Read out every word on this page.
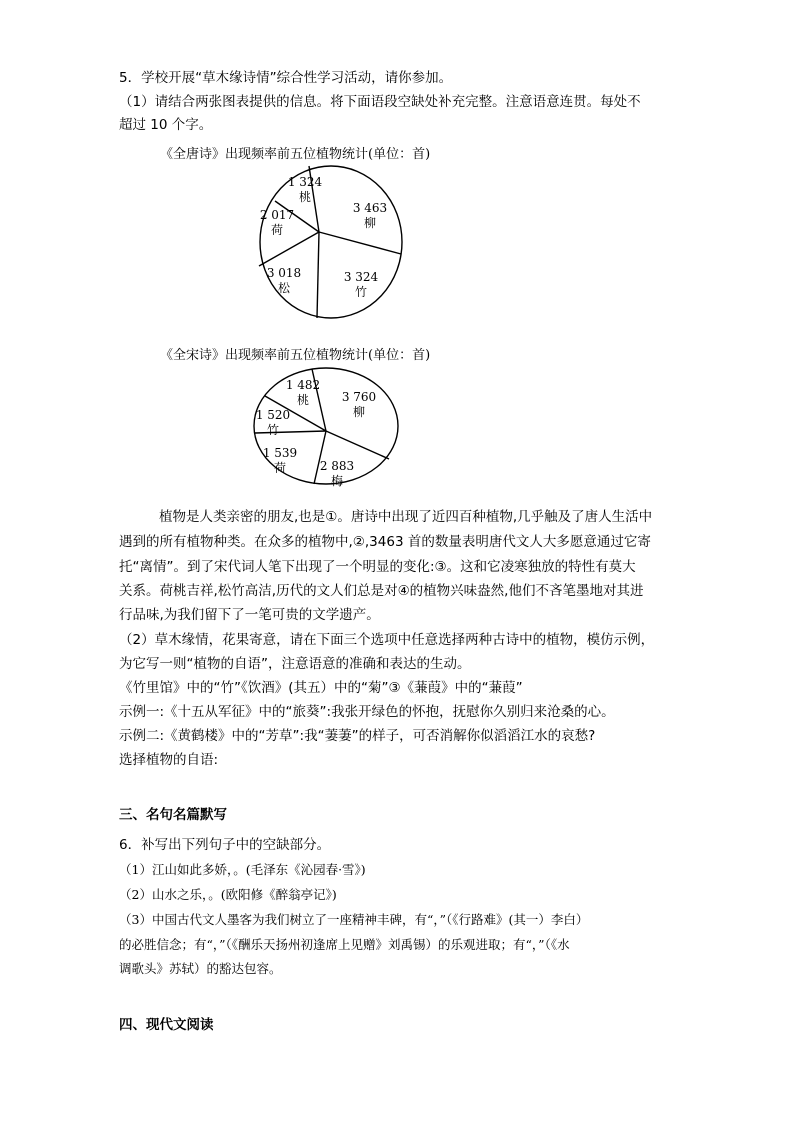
5．学校开展“草木缘诗情”综合性学习活动，请你参加。
（1）请结合两张图表提供的信息。将下面语段空缺处补充完整。注意语意连贯。每处不
超过 10 个字。
《全唐诗》出现频率前五位植物统计(单位：首)
3 463
柳
3 324
竹
3 018
松
2 017
荷
1 324
桃
《全宋诗》出现频率前五位植物统计(单位：首)
3 760
柳
2 883
梅
1 539
荷
1 520
竹
1 482
桃
植物是人类亲密的朋友,也是①。唐诗中出现了近四百种植物,几乎触及了唐人生活中
遇到的所有植物种类。在众多的植物中,②,3463 首的数量表明唐代文人大多愿意通过它寄
托“离情”。到了宋代词人笔下出现了一个明显的变化:③。这和它凌寒独放的特性有莫大
关系。荷桃吉祥,松竹高洁,历代的文人们总是对④的植物兴味盎然,他们不吝笔墨地对其进
行品味,为我们留下了一笔可贵的文学遗产。
（2）草木缘情，花果寄意，请在下面三个选项中任意选择两种古诗中的植物，模仿示例，
为它写一则“植物的自语”，注意语意的准确和表达的生动。
《竹里馆》中的“竹”《饮酒》(其五）中的“菊”③《蒹葭》中的“蒹葭”
示例一:《十五从军征》中的“旅葵”:我张开绿色的怀抱，抚慰你久别归来沧桑的心。
示例二:《黄鹤楼》中的“芳草”:我“萋萋”的样子，可否消解你似滔滔江水的哀愁?
选择植物的自语:
三、名句名篇默写
6．补写出下列句子中的空缺部分。
（1）江山如此多娇，。(毛泽东《沁园春·雪》)
（2）山水之乐，。(欧阳修《醉翁亭记》)
（3）中国古代文人墨客为我们树立了一座精神丰碑，有“，”（《行路难》(其一）李白）
的必胜信念；有“，”（《酬乐天扬州初逢席上见赠》刘禹锡）的乐观进取；有“，”（《水
调歌头》苏轼）的豁达包容。
四、现代文阅读
